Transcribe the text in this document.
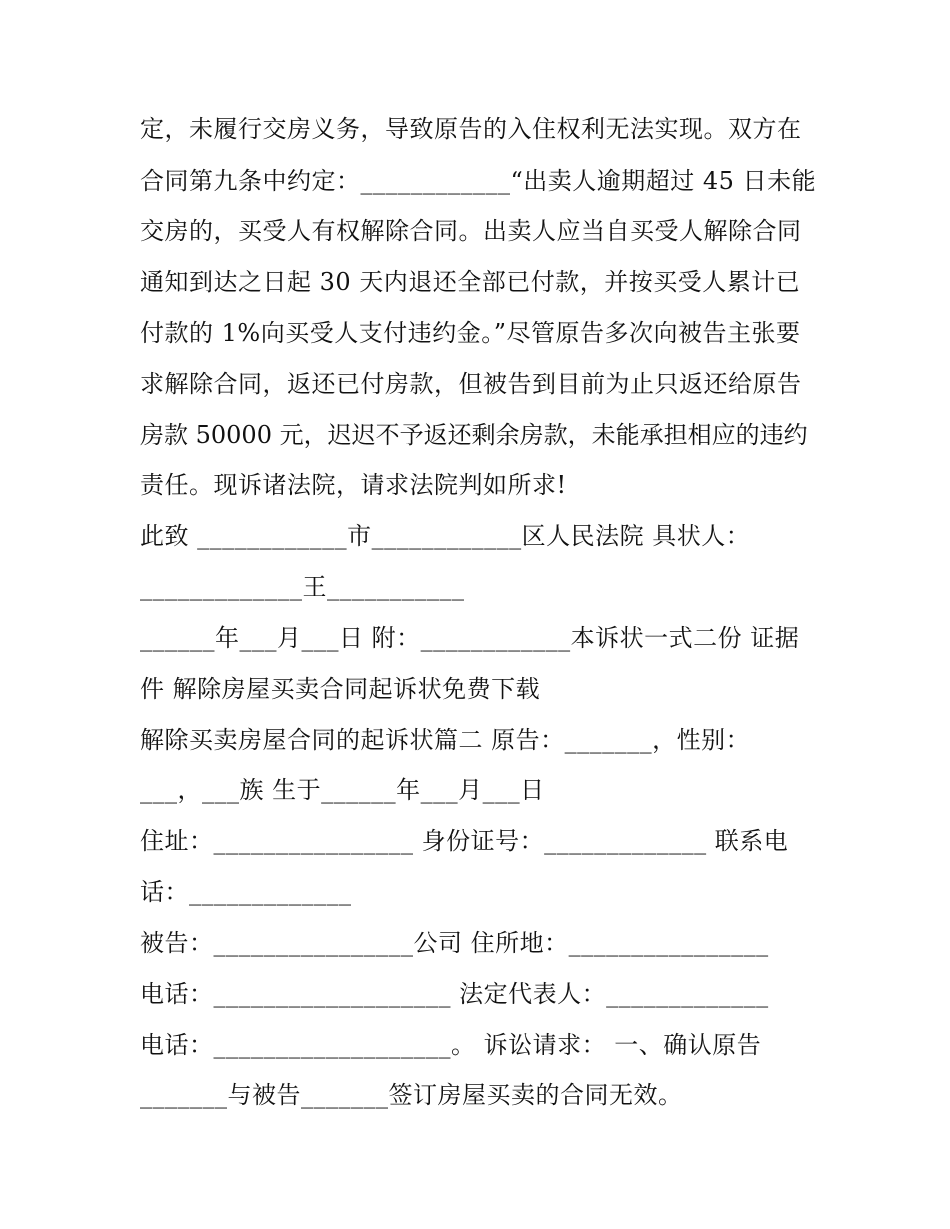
定，未履行交房义务，导致原告的入住权利无法实现。双方在
合同第九条中约定：____________“出卖人逾期超过 45 日未能
交房的，买受人有权解除合同。出卖人应当自买受人解除合同
通知到达之日起 30 天内退还全部已付款，并按买受人累计已
付款的 1%向买受人支付违约金。”尽管原告多次向被告主张要
求解除合同，返还已付房款，但被告到目前为止只返还给原告
房款 50000 元，迟迟不予返还剩余房款，未能承担相应的违约
责任。现诉诸法院，请求法院判如所求!
此致 ____________市____________区人民法院 具状人：
_____________王___________
______年___月___日 附：____________本诉状一式二份 证据
件 解除房屋买卖合同起诉状免费下载
解除买卖房屋合同的起诉状篇二 原告：_______，性别：
___，___族 生于______年___月___日
住址：________________ 身份证号：_____________ 联系电
话：_____________
被告：________________公司 住所地：________________
电话：___________________ 法定代表人：_____________
电话：___________________。 诉讼请求： 一、确认原告
_______与被告_______签订房屋买卖的合同无效。
